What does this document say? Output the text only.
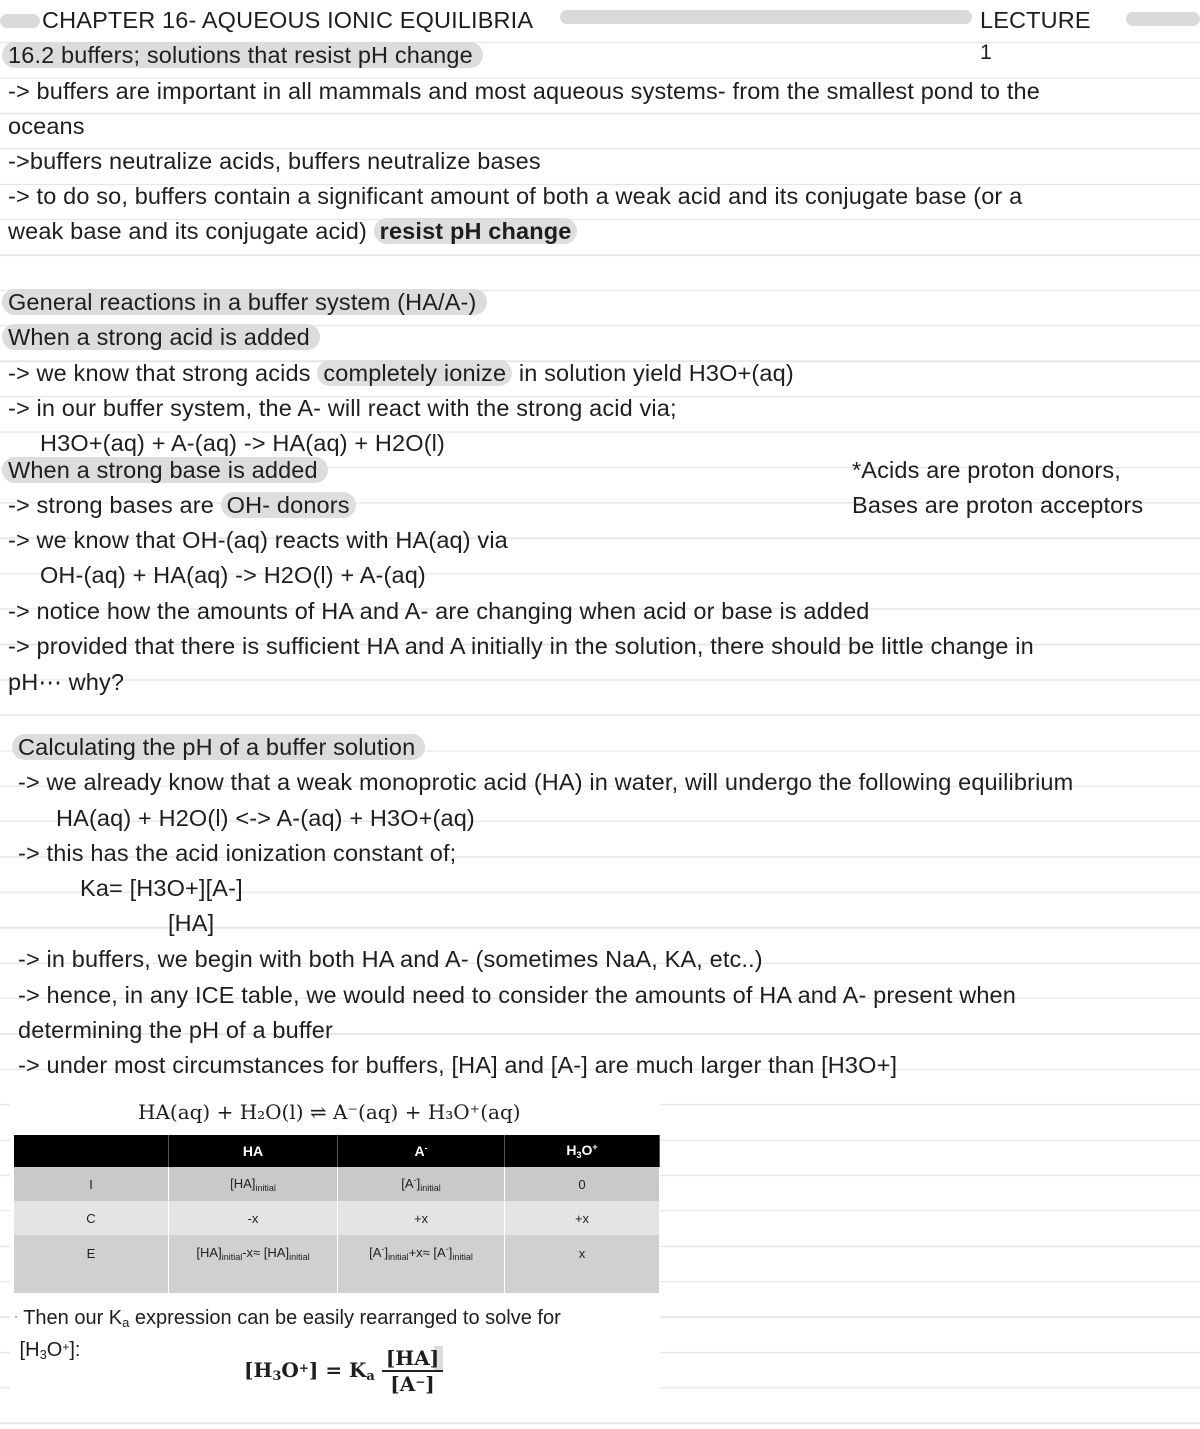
CHAPTER 16- AQUEOUS IONIC EQUILIBRIA	LECTURE
1
16.2 buffers; solutions that resist pH change
-> buffers are important in all mammals and most aqueous systems- from the smallest pond to the
oceans
->buffers neutralize acids, buffers neutralize bases
-> to do so, buffers contain a significant amount of both a weak acid and its conjugate base (or a
weak base and its conjugate acid) resist pH change
General reactions in a buffer system (HA/A-)
When a strong acid is added
-> we know that strong acids completely ionize in solution yield H3O+(aq)
-> in our buffer system, the A- will react with the strong acid via;
H3O+(aq) + A-(aq) -> HA(aq) + H2O(l)
When a strong base is added	*Acids are proton donors,
Bases are proton acceptors
-> strong bases are OH- donors
-> we know that OH-(aq) reacts with HA(aq) via
OH-(aq) + HA(aq) -> H2O(l) + A-(aq)
-> notice how the amounts of HA and A- are changing when acid or base is added
-> provided that there is sufficient HA and A initially in the solution, there should be little change in
pH⋯ why?
Calculating the pH of a buffer solution
-> we already know that a weak monoprotic acid (HA) in water, will undergo the following equilibrium
HA(aq) + H2O(l) <-> A-(aq) + H3O+(aq)
-> this has the acid ionization constant of;
Ka= [H3O+][A-]
[HA]
-> in buffers, we begin with both HA and A- (sometimes NaA, KA, etc..)
-> hence, in any ICE table, we would need to consider the amounts of HA and A- present when
determining the pH of a buffer
-> under most circumstances for buffers, [HA] and [A-] are much larger than [H3O+]
HA(aq) + H₂O(l) ⇌ A⁻(aq) + H₃O⁺(aq)
	HA	A-	$H_3O^+$
I	$[HA]_{initial}$	$[A^-]_{initial}$	0
C	-x	+x	+x
E	$[HA]_{initial}-x\approx [HA]_{initial}$	$[A^-]_{initial}+x\approx [A^-]_{initial}$	x

· Then our $K_a$ expression can be easily rearranged to solve for
$[H_3O^+]$:
$[H_3O^+] = K_a \frac{[HA]}{[A^-]}$
